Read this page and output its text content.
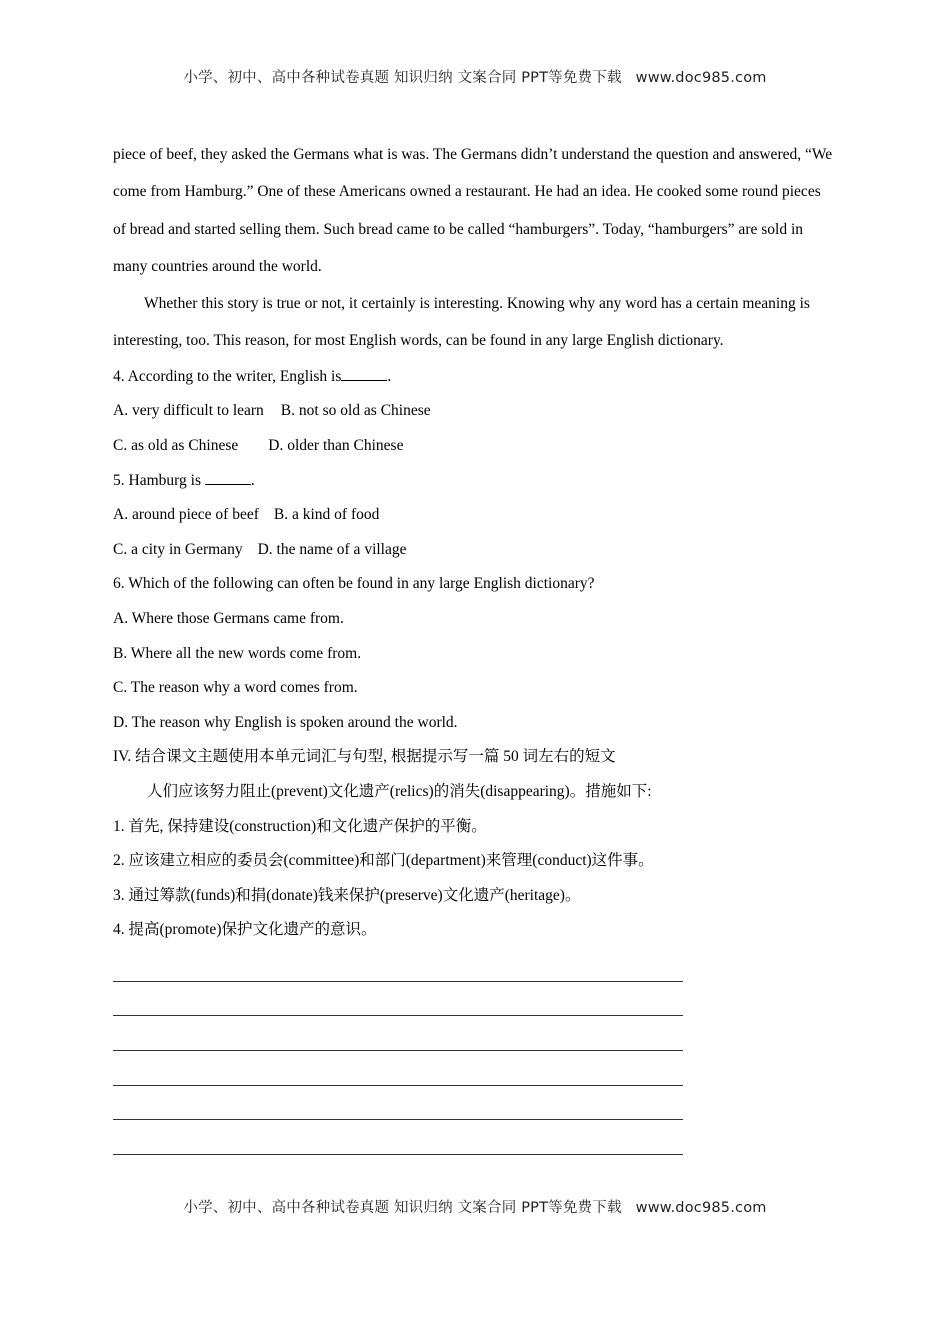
小学、初中、高中各种试卷真题 知识归纳 文案合同 PPT等免费下载 www.doc985.com

piece of beef, they asked the Germans what is was. The Germans didn’t understand the question and answered, “We come from Hamburg.” One of these Americans owned a restaurant. He had an idea. He cooked some round pieces of bread and started selling them. Such bread came to be called “hamburgers”. Today, “hamburgers” are sold in many countries around the world.

Whether this story is true or not, it certainly is interesting. Knowing why any word has a certain meaning is interesting, too. This reason, for most English words, can be found in any large English dictionary.

4. According to the writer, English is	.

A. very difficult to learn B. not so old as Chinese

C. as old as Chinese D. older than Chinese

5. Hamburg is	.

A. around piece of beef B. a kind of food

C. a city in Germany D. the name of a village

6. Which of the following can often be found in any large English dictionary?

A. Where those Germans came from.

B. Where all the new words come from.

C. The reason why a word comes from.

D. The reason why English is spoken around the world.

IV. 结合课文主题使用本单元词汇与句型, 根据提示写一篇 50 词左右的短文

人们应该努力阻止(prevent)文化遗产(relics)的消失(disappearing)。措施如下:

1. 首先, 保持建设(construction)和文化遗产保护的平衡。

2. 应该建立相应的委员会(committee)和部门(department)来管理(conduct)这件事。

3. 通过筹款(funds)和捐(donate)钱来保护(preserve)文化遗产(heritage)。

4. 提高(promote)保护文化遗产的意识。

小学、初中、高中各种试卷真题 知识归纳 文案合同 PPT等免费下载 www.doc985.com
